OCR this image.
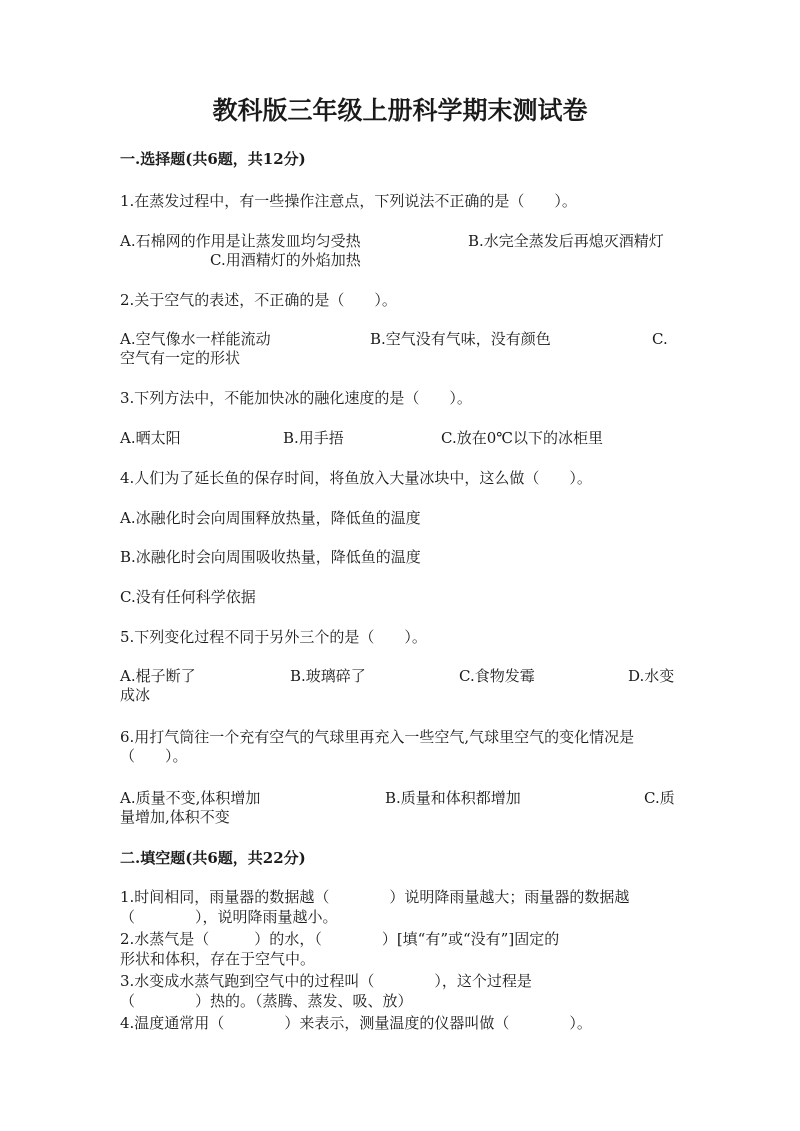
教科版三年级上册科学期末测试卷
一.选择题(共6题，共12分)
1.在蒸发过程中，有一些操作注意点，下列说法不正确的是（　　）。
A.石棉网的作用是让蒸发皿均匀受热	B.水完全蒸发后再熄灭酒精灯
C.用酒精灯的外焰加热
2.关于空气的表述，不正确的是（　　）。
A.空气像水一样能流动	B.空气没有气味，没有颜色	C.
空气有一定的形状
3.下列方法中，不能加快冰的融化速度的是（　　）。
A.晒太阳	B.用手捂	C.放在0℃以下的冰柜里
4.人们为了延长鱼的保存时间，将鱼放入大量冰块中，这么做（　　）。
A.冰融化时会向周围释放热量，降低鱼的温度
B.冰融化时会向周围吸收热量，降低鱼的温度
C.没有任何科学依据
5.下列变化过程不同于另外三个的是（　　）。
A.棍子断了	B.玻璃碎了	C.食物发霉	D.水变
成冰
6.用打气筒往一个充有空气的气球里再充入一些空气,气球里空气的变化情况是
（　　）。
A.质量不变,体积增加	B.质量和体积都增加	C.质
量增加,体积不变
二.填空题(共6题，共22分)
1.时间相同，雨量器的数据越（　　　　）说明降雨量越大；雨量器的数据越
（　　　　），说明降雨量越小。
2.水蒸气是（　　　）的水，（　　　　）[填“有”或“没有”]固定的
形状和体积，存在于空气中。
3.水变成水蒸气跑到空气中的过程叫（　　　　），这个过程是
（　　　　）热的。（蒸腾、蒸发、吸、放）
4.温度通常用（　　　　）来表示，测量温度的仪器叫做（　　　　）。
